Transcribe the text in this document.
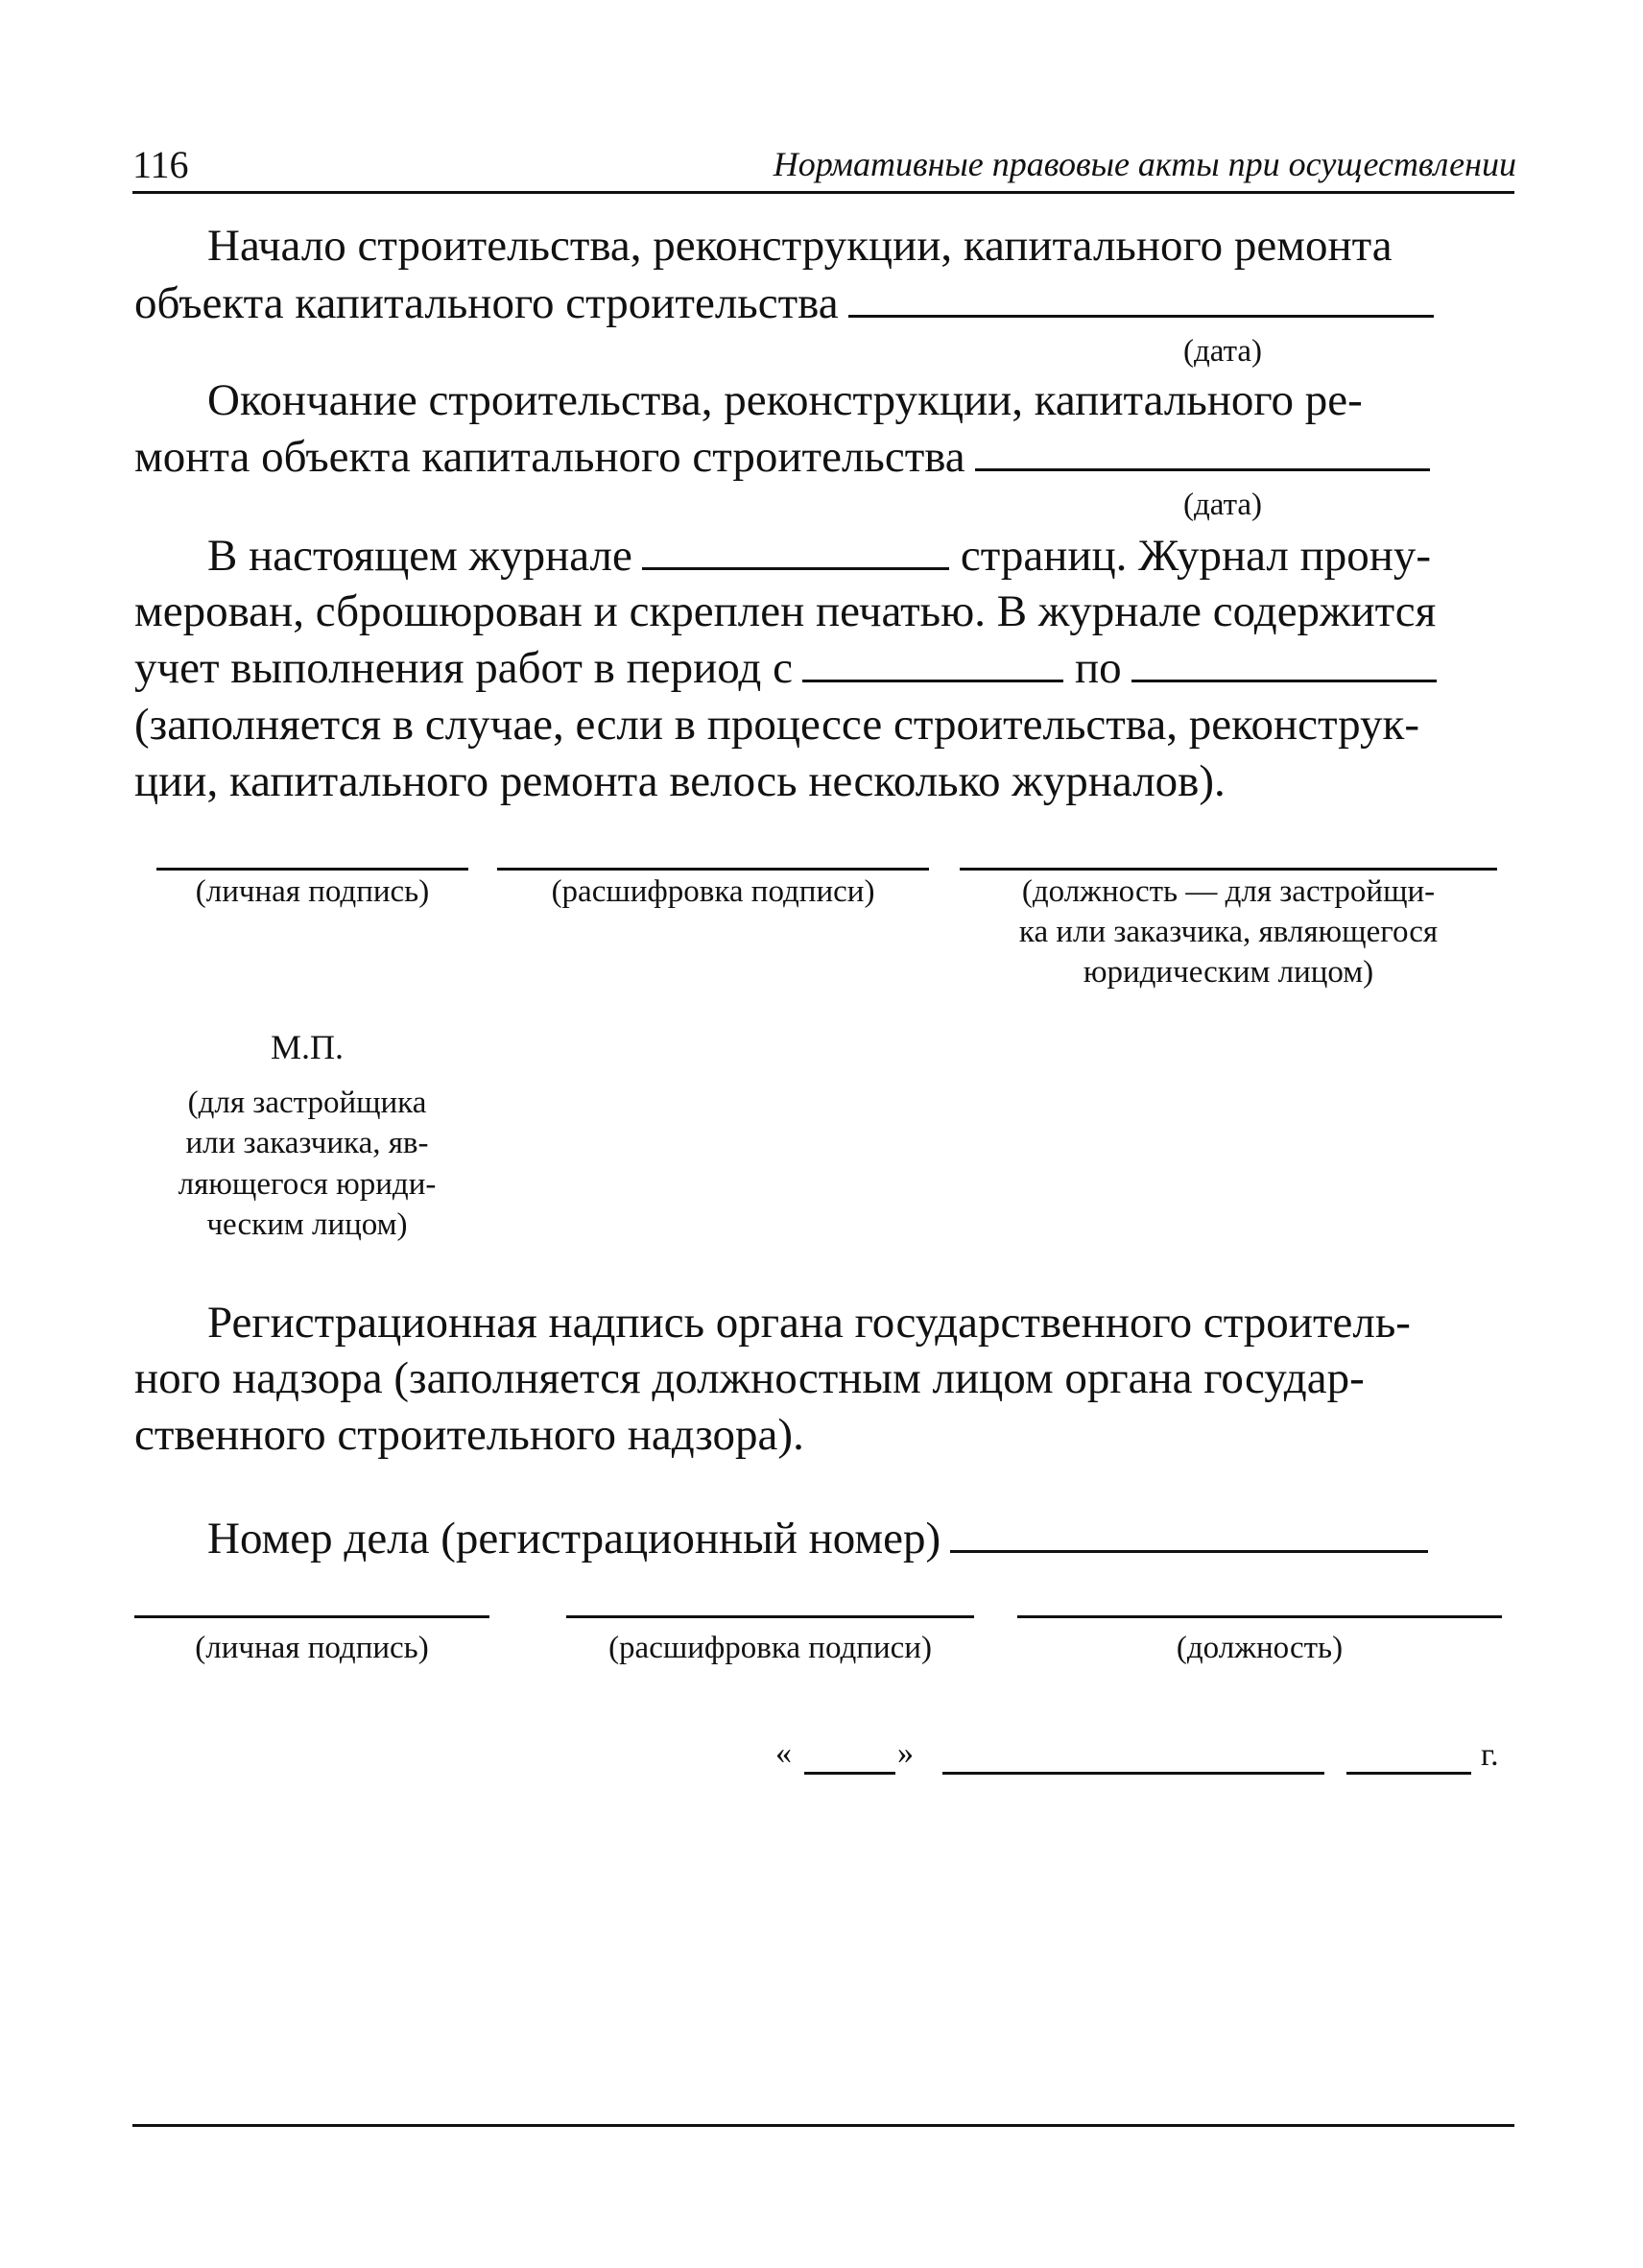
116	Нормативные правовые акты при осуществлении
Начало строительства, реконструкции, капитального ремонта
объекта капитального строительства
(дата)
Окончание строительства, реконструкции, капитального ре-
монта объекта капитального строительства
(дата)
В настоящем журнале	страниц. Журнал прону-
мерован, сброшюрован и скреплен печатью. В журнале содержится
учет выполнения работ в период с	по
(заполняется в случае, если в процессе строительства, реконструк-
ции, капитального ремонта велось несколько журналов).
(личная подпись)	(расшифровка подписи)	(должность — для застройщи-
ка или заказчика, являющегося
юридическим лицом)
М.П.
(для застройщика
или заказчика, яв-
ляющегося юриди-
ческим лицом)
Регистрационная надпись органа государственного строитель-
ного надзора (заполняется должностным лицом органа государ-
ственного строительного надзора).
Номер дела (регистрационный номер)
(личная подпись)	(расшифровка подписи)	(должность)
«	»	г.
